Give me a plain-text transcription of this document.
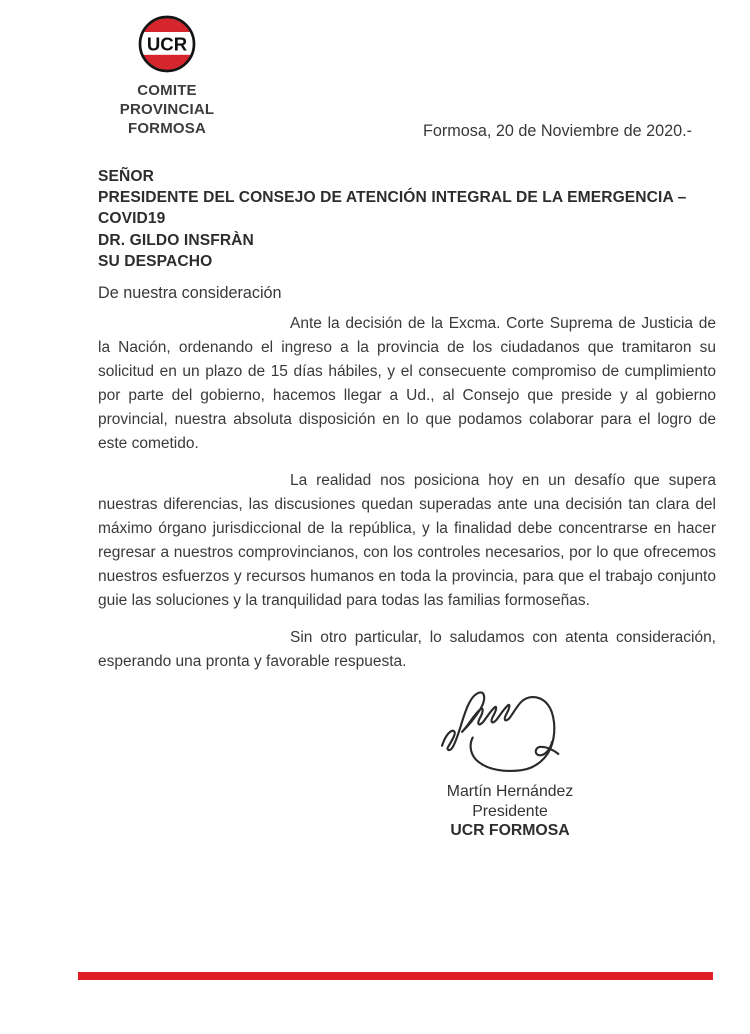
UCR
COMITE PROVINCIAL
FORMOSA	Formosa, 20 de Noviembre de 2020.-
SEÑOR
PRESIDENTE DEL CONSEJO DE ATENCIÓN INTEGRAL DE LA EMERGENCIA – COVID19
DR. GILDO INSFRÀN
SU DESPACHO
De nuestra consideración

Ante la decisión de la Excma. Corte Suprema de Justicia de la Nación, ordenando el ingreso a la provincia de los ciudadanos que tramitaron su solicitud en un plazo de 15 días hábiles, y el consecuente compromiso de cumplimiento por parte del gobierno, hacemos llegar a Ud., al Consejo que preside y al gobierno provincial, nuestra absoluta disposición en lo que podamos colaborar para el logro de este cometido.

La realidad nos posiciona hoy en un desafío que supera nuestras diferencias, las discusiones quedan superadas ante una decisión tan clara del máximo órgano jurisdiccional de la república, y la finalidad debe concentrarse en hacer regresar a nuestros comprovincianos, con los controles necesarios, por lo que ofrecemos nuestros esfuerzos y recursos humanos en toda la provincia, para que el trabajo conjunto guie las soluciones y la tranquilidad para todas las familias formoseñas.

Sin otro particular, lo saludamos con atenta consideración, esperando una pronta y favorable respuesta.

Martín Hernández
Presidente
UCR FORMOSA
